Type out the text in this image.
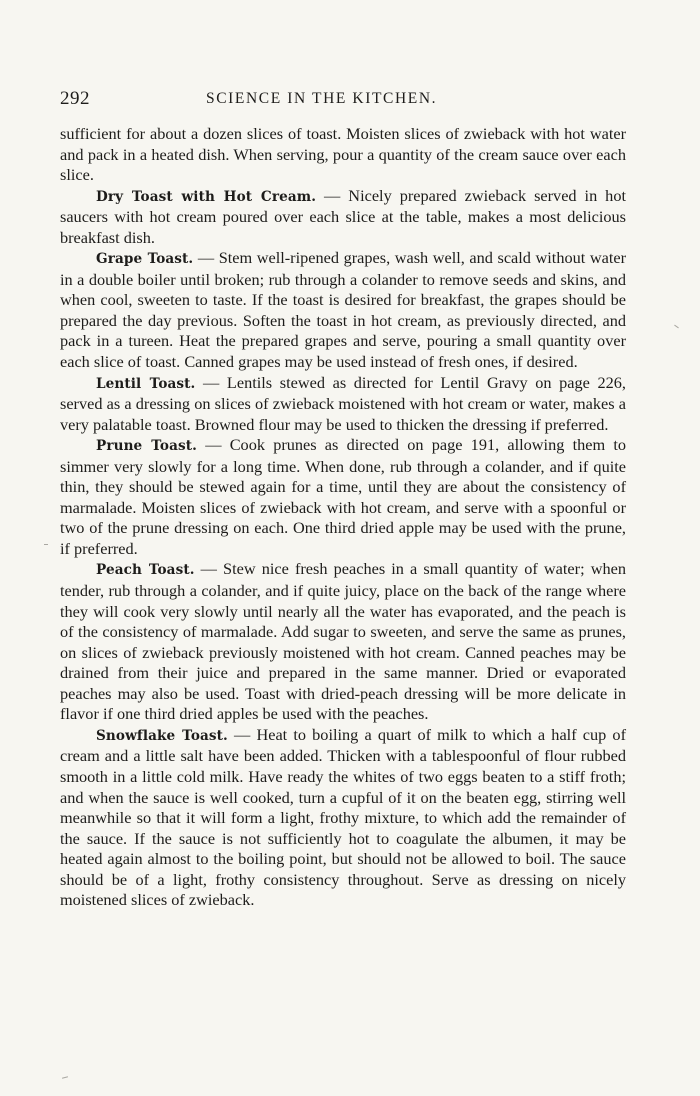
292	SCIENCE IN THE KITCHEN.

sufficient for about a dozen slices of toast. Moisten slices of zwieback with hot water and pack in a heated dish. When serving, pour a quantity of the cream sauce over each slice.

Dry Toast with Hot Cream. — Nicely prepared zwieback served in hot saucers with hot cream poured over each slice at the table, makes a most delicious breakfast dish.

Grape Toast. — Stem well-ripened grapes, wash well, and scald without water in a double boiler until broken; rub through a colander to remove seeds and skins, and when cool, sweeten to taste. If the toast is desired for breakfast, the grapes should be prepared the day previous. Soften the toast in hot cream, as previously directed, and pack in a tureen. Heat the prepared grapes and serve, pouring a small quantity over each slice of toast. Canned grapes may be used instead of fresh ones, if desired.

Lentil Toast. — Lentils stewed as directed for Lentil Gravy on page 226, served as a dressing on slices of zwieback moistened with hot cream or water, makes a very palatable toast. Browned flour may be used to thicken the dressing if preferred.

Prune Toast. — Cook prunes as directed on page 191, allowing them to simmer very slowly for a long time. When done, rub through a colander, and if quite thin, they should be stewed again for a time, until they are about the consistency of marmalade. Moisten slices of zwieback with hot cream, and serve with a spoonful or two of the prune dressing on each. One third dried apple may be used with the prune, if preferred.

Peach Toast. — Stew nice fresh peaches in a small quantity of water; when tender, rub through a colander, and if quite juicy, place on the back of the range where they will cook very slowly until nearly all the water has evaporated, and the peach is of the consistency of marmalade. Add sugar to sweeten, and serve the same as prunes, on slices of zwieback previously moistened with hot cream. Canned peaches may be drained from their juice and prepared in the same manner. Dried or evaporated peaches may also be used. Toast with dried-peach dressing will be more delicate in flavor if one third dried apples be used with the peaches.

Snowflake Toast. — Heat to boiling a quart of milk to which a half cup of cream and a little salt have been added. Thicken with a tablespoonful of flour rubbed smooth in a little cold milk. Have ready the whites of two eggs beaten to a stiff froth; and when the sauce is well cooked, turn a cupful of it on the beaten egg, stirring well meanwhile so that it will form a light, frothy mixture, to which add the remainder of the sauce. If the sauce is not sufficiently hot to coagulate the albumen, it may be heated again almost to the boiling point, but should not be allowed to boil. The sauce should be of a light, frothy consistency throughout. Serve as dressing on nicely moistened slices of zwieback.
